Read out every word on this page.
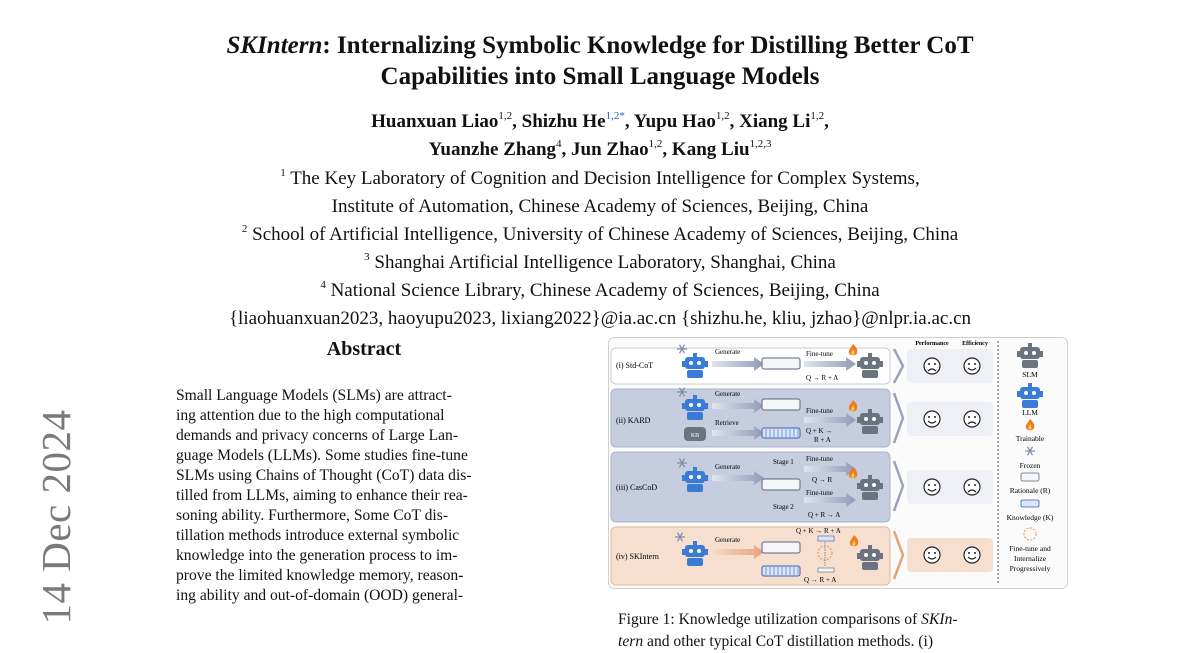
SKIntern: Internalizing Symbolic Knowledge for Distilling Better CoT
Capabilities into Small Language Models
Huanxuan Liao$^{1,2}$, Shizhu $He^{1,2*}$, Yupu Hao$^{1,2}$, Xiang Li$^{1,2}$,
Yuanzhe Zhang$^4$, Jun Zhao$^{1,2}$, Kang Liu$^{1,2,3}$
$^1$ The Key Laboratory of Cognition and Decision Intelligence for Complex Systems,
Institute of Automation, Chinese Academy of Sciences, Beijing, China
$^2$ School of Artificial Intelligence, University of Chinese Academy of Sciences, Beijing, China
$^3$ Shanghai Artificial Intelligence Laboratory, Shanghai, China
$^4$ National Science Library, Chinese Academy of Sciences, Beijing, China
{liaohuanxuan2023, haoyupu2023, lixiang2022}@ia.ac.cn {shizhu.he, kliu, jzhao}@nlpr.ia.ac.cn
14 Dec 2024
Abstract
Small Language Models (SLMs) are attract-
ing attention due to the high computational
demands and privacy concerns of Large Lan-
guage Models (LLMs). Some studies fine-tune
SLMs using Chains of Thought (CoT) data dis-
tilled from LLMs, aiming to enhance their rea-
soning ability. Furthermore, Some CoT dis-
tillation methods introduce external symbolic
knowledge into the generation process to im-
prove the limited knowledge memory, reason-
ing ability and out-of-domain (OOD) general-
Performance Efficiency
(i) Std-CoT
Generate	Fine-tune
Q → R + A
(ii) KARD
Generate
KB
Retrieve
Fine-tune
Q + K →
R + A
(iii) CasCoD
Generate
Stage 1
Stage 2
Fine-tune
Q → R
Fine-tune
Q + R → A
(iv) SKIntern
Generate
Q + K → R + A
Q → R + A
SLM
LLM
Trainable
Frozen
Rationale (R)
Knowledge (K)
Fine-tune and
Internalize
Progressively
Figure 1: Knowledge utilization comparisons of SKIn-
tern and other typical CoT distillation methods. (i)
